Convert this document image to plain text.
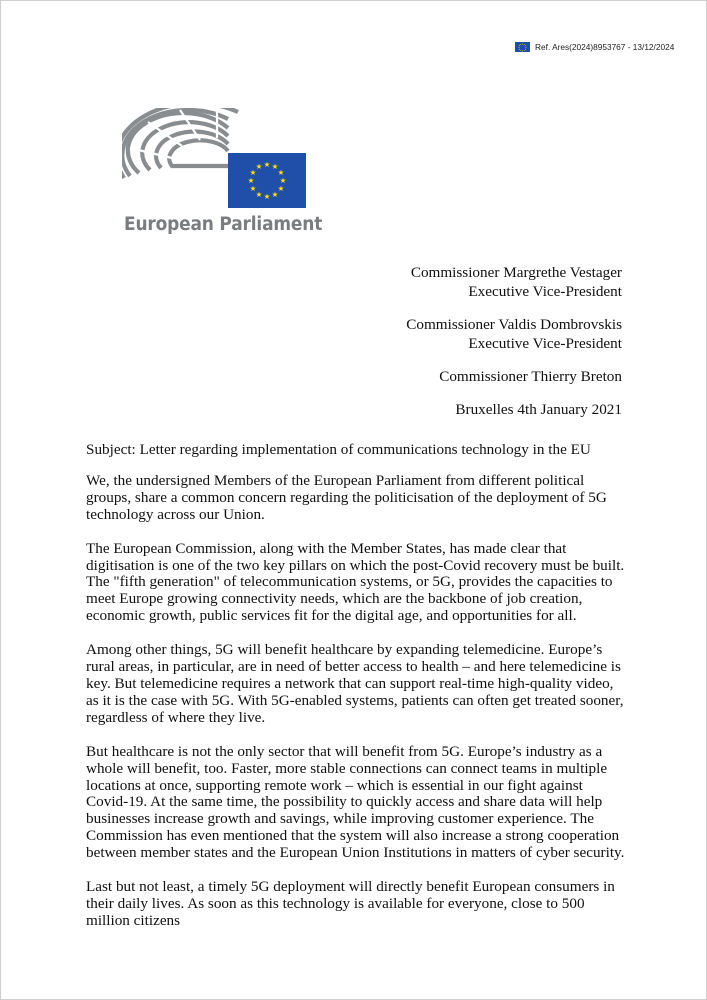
Ref. Ares(2024)8953767 - 13/12/2024
★ ★
★
★
★
★
★
★
★
★
★
★
European Parliament
Commissioner Margrethe Vestager
Executive Vice-President
Commissioner Valdis Dombrovskis
Executive Vice-President
Commissioner Thierry Breton
Bruxelles 4th January 2021

Subject: Letter regarding implementation of communications technology in the EU

We, the undersigned Members of the European Parliament from different political groups, share a common concern regarding the politicisation of the deployment of 5G technology across our Union.

The European Commission, along with the Member States, has made clear that digitisation is one of the two key pillars on which the post-Covid recovery must be built. The "fifth generation" of telecommunication systems, or 5G, provides the capacities to meet Europe growing connectivity needs, which are the backbone of job creation, economic growth, public services fit for the digital age, and opportunities for all.

Among other things, 5G will benefit healthcare by expanding telemedicine. Europe’s rural areas, in particular, are in need of better access to health – and here telemedicine is key. But telemedicine requires a network that can support real-time high-quality video, as it is the case with 5G. With 5G-enabled systems, patients can often get treated sooner, regardless of where they live.

But healthcare is not the only sector that will benefit from 5G. Europe’s industry as a whole will benefit, too. Faster, more stable connections can connect teams in multiple locations at once, supporting remote work – which is essential in our fight against Covid-19. At the same time, the possibility to quickly access and share data will help businesses increase growth and savings, while improving customer experience. The Commission has even mentioned that the system will also increase a strong cooperation between member states and the European Union Institutions in matters of cyber security.

Last but not least, a timely 5G deployment will directly benefit European consumers in their daily lives. As soon as this technology is available for everyone, close to 500 million citizens
